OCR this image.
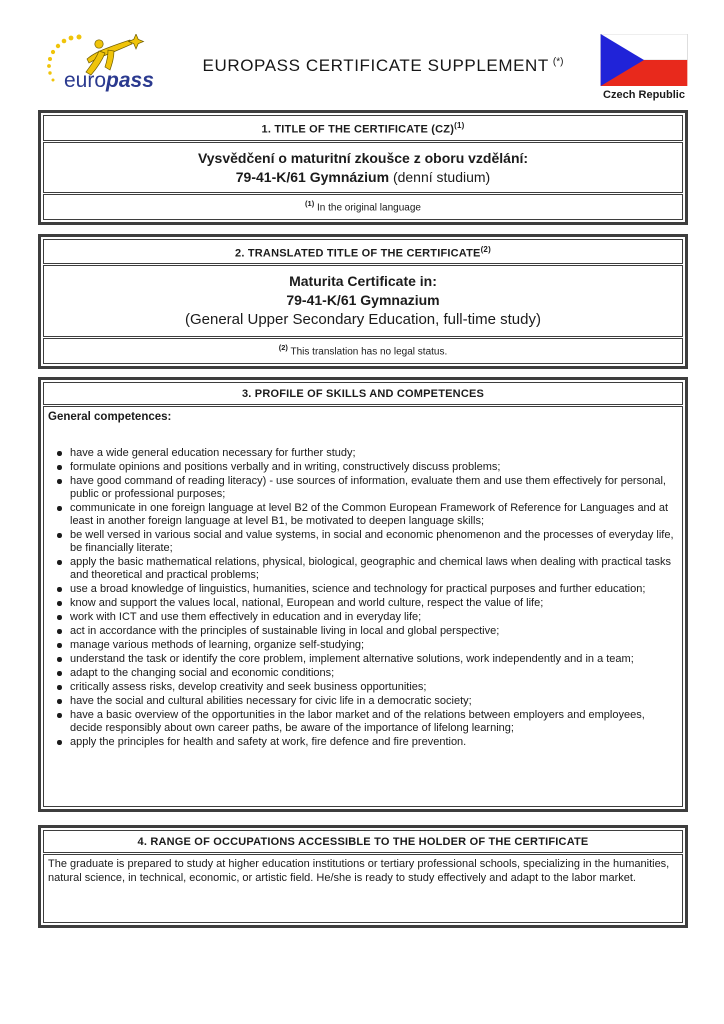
europass
EUROPASS CERTIFICATE SUPPLEMENT  (*)
Czech Republic
1. TITLE OF THE CERTIFICATE (CZ)$^{(1)}$
Vysvědčení o maturitní zkoušce z oboru vzdělání:
79-41-K/61 Gymnázium (denní studium)
$^{(1)}$ In the original language
2. TRANSLATED TITLE OF THE CERTIFICATE$^{(2)}$
Maturita Certificate in:
79-41-K/61 Gymnazium
(General Upper Secondary Education, full-time study)
$^{(2)}$ This translation has no legal status.
3. PROFILE OF SKILLS AND COMPETENCES
General competences:
have a wide general education necessary for further study;
formulate opinions and positions verbally and in writing, constructively discuss problems;
have good command of reading literacy) - use sources of information, evaluate them and use them effectively for personal, public or professional purposes;
communicate in one foreign language at level B2 of the Common European Framework of Reference for Languages and at least in another foreign language at level B1, be motivated to deepen language skills;
be well versed in various social and value systems, in social and economic phenomenon and the processes of everyday life, be financially literate;
apply the basic mathematical relations, physical, biological, geographic and chemical laws when dealing with practical tasks and theoretical and practical problems;
use a broad knowledge of linguistics, humanities, science and technology for practical purposes and further education;
know and support the values local, national, European and world culture, respect the value of life;
work with ICT and use them effectively in education and in everyday life;
act in accordance with the principles of sustainable living in local and global perspective;
manage various methods of learning, organize self-studying;
understand the task or identify the core problem, implement alternative solutions, work independently and in a team;
adapt to the changing social and economic conditions;
critically assess risks, develop creativity and seek business opportunities;
have the social and cultural abilities necessary for civic life in a democratic society;
have a basic overview of the opportunities in the labor market and of the relations between employers and employees, decide responsibly about own career paths, be aware of the importance of lifelong learning;
apply the principles for health and safety at work, fire defence and fire prevention.
4. RANGE OF OCCUPATIONS ACCESSIBLE TO THE HOLDER OF THE CERTIFICATE
The graduate is prepared to study at higher education institutions or tertiary professional schools, specializing in the humanities, natural science, in technical, economic, or artistic field. He/she is ready to study effectively and adapt to the labor market.
